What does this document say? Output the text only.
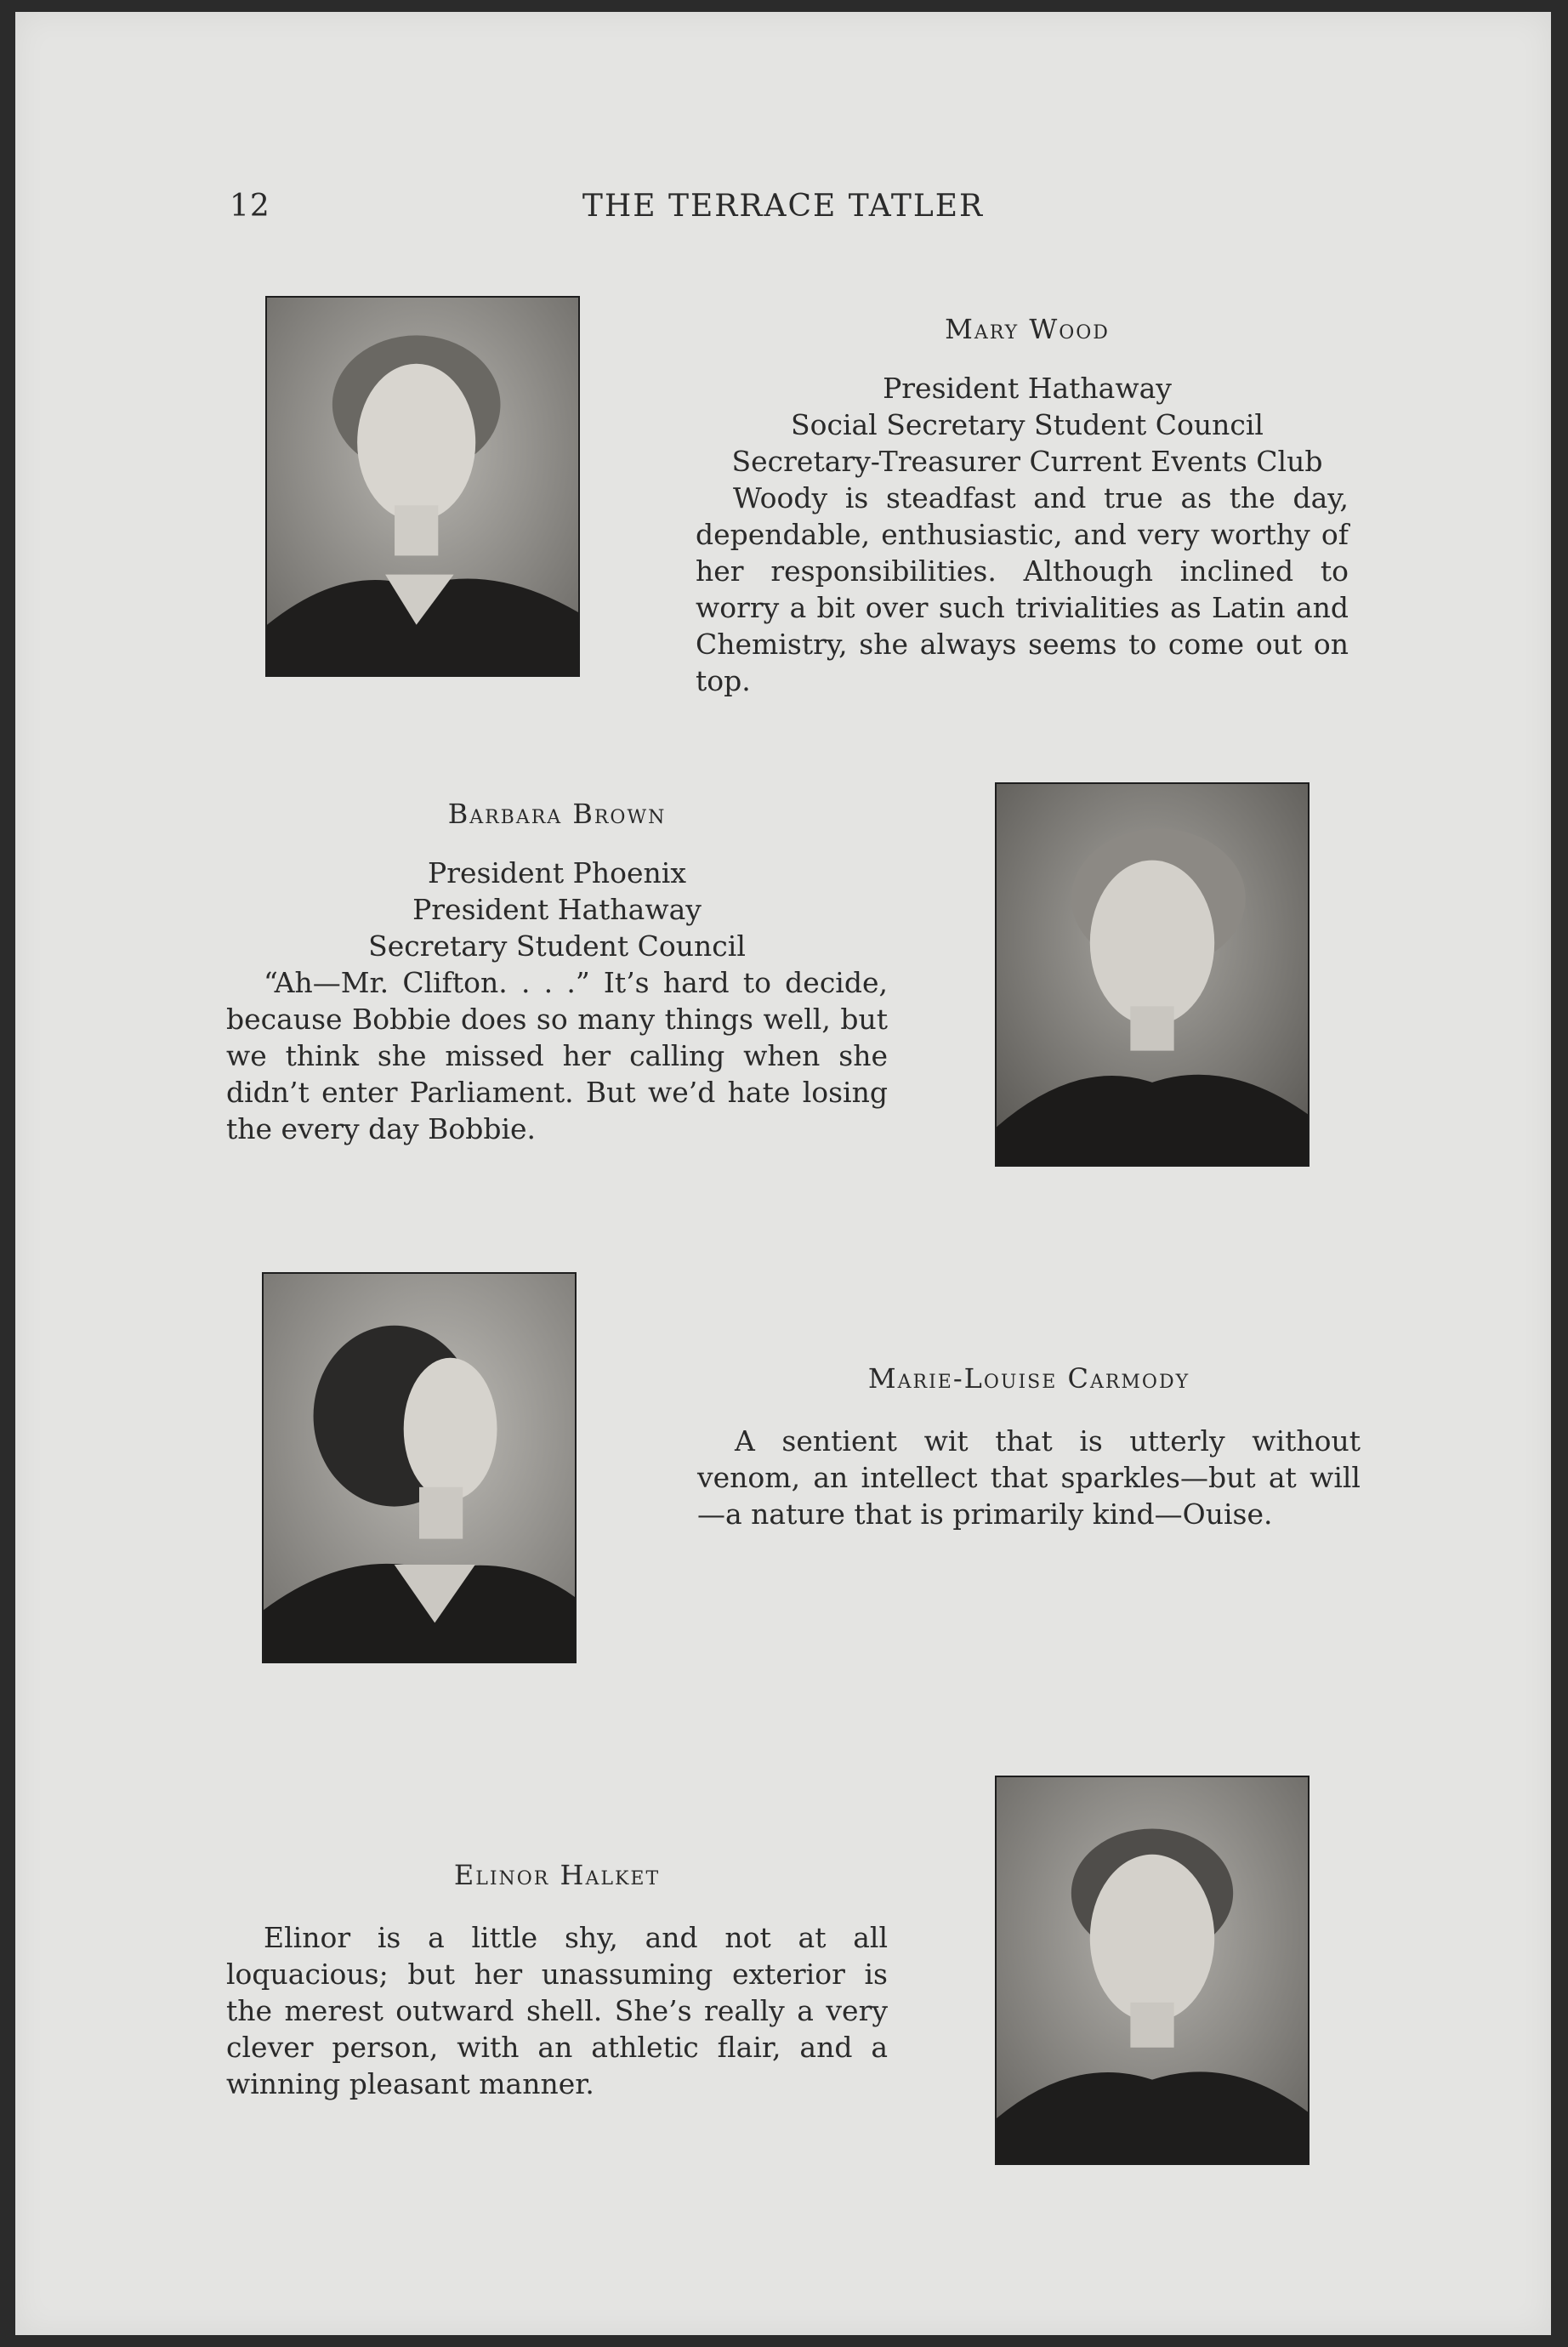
12	THE TERRACE TATLER
Mary Wood
President Hathaway
Social Secretary Student Council
Secretary-Treasurer Current Events Club
Woody is steadfast and true as the day, dependable, enthusiastic, and very worthy of her responsibilities. Although inclined to worry a bit over such trivialities as Latin and Chemistry, she always seems to come out on top.
Barbara Brown
President Phoenix
President Hathaway
Secretary Student Council
“Ah—Mr. Clifton. . . .” It’s hard to decide, because Bobbie does so many things well, but we think she missed her calling when she didn’t enter Parliament. But we’d hate losing the every day Bobbie.
Marie-Louise Carmody
A sentient wit that is utterly without venom, an intellect that sparkles—but at will—a nature that is primarily kind—Ouise.
Elinor Halket
Elinor is a little shy, and not at all loquacious; but her unassuming exterior is the merest outward shell. She’s really a very clever person, with an athletic flair, and a winning pleasant manner.
